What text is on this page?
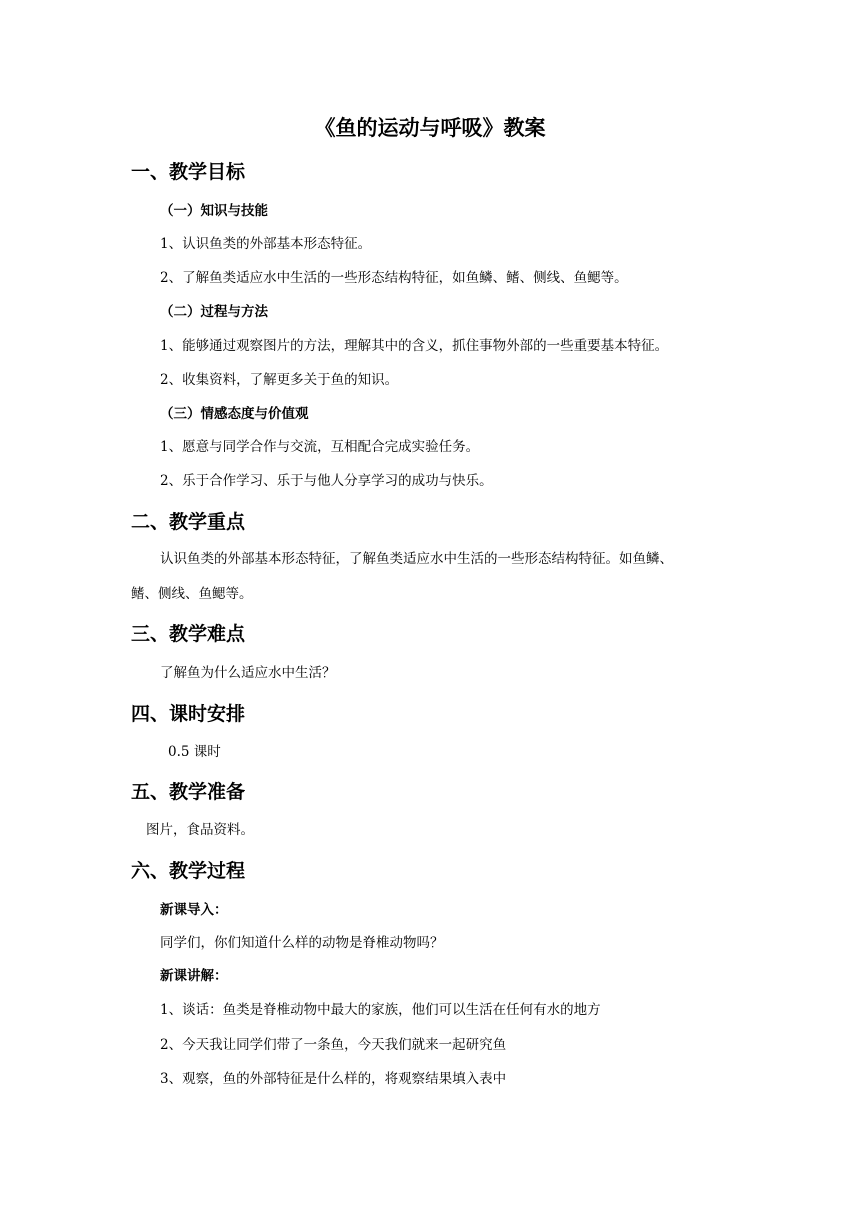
《鱼的运动与呼吸》教案
一、教学目标
（一）知识与技能
1、认识鱼类的外部基本形态特征。
2、了解鱼类适应水中生活的一些形态结构特征，如鱼鳞、鳍、侧线、鱼鳃等。
（二）过程与方法
1、能够通过观察图片的方法，理解其中的含义，抓住事物外部的一些重要基本特征。
2、收集资料，了解更多关于鱼的知识。
（三）情感态度与价值观
1、愿意与同学合作与交流，互相配合完成实验任务。
2、乐于合作学习、乐于与他人分享学习的成功与快乐。
二、教学重点
认识鱼类的外部基本形态特征，了解鱼类适应水中生活的一些形态结构特征。如鱼鳞、
鳍、侧线、鱼鳃等。
三、教学难点
了解鱼为什么适应水中生活？
四、课时安排
0.5 课时
五、教学准备
图片，食品资料。
六、教学过程
新课导入：
同学们，你们知道什么样的动物是脊椎动物吗？
新课讲解：
1、谈话：鱼类是脊椎动物中最大的家族，他们可以生活在任何有水的地方
2、今天我让同学们带了一条鱼，今天我们就来一起研究鱼
3、观察，鱼的外部特征是什么样的，将观察结果填入表中
